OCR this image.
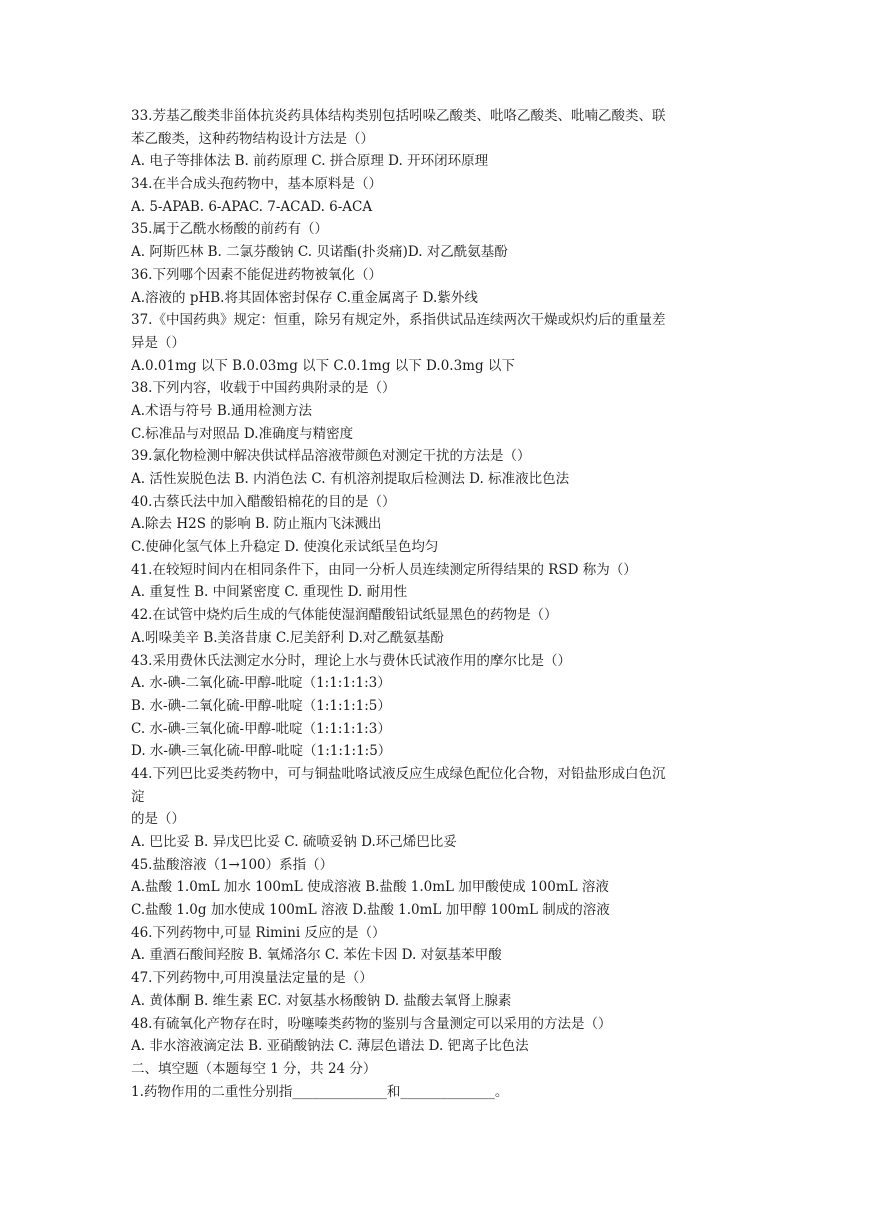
33.芳基乙酸类非甾体抗炎药具体结构类别包括吲哚乙酸类、吡咯乙酸类、吡喃乙酸类、联
苯乙酸类，这种药物结构设计方法是（）
A. 电子等排体法 B. 前药原理 C. 拼合原理 D. 开环闭环原理
34.在半合成头孢药物中，基本原料是（）
A. 5-APAB. 6-APAC. 7-ACAD. 6-ACA
35.属于乙酰水杨酸的前药有（）
A. 阿斯匹林 B. 二氯芬酸钠 C. 贝诺酯(扑炎痛)D. 对乙酰氨基酚
36.下列哪个因素不能促进药物被氧化（）
A.溶液的 pHB.将其固体密封保存 C.重金属离子 D.紫外线
37.《中国药典》规定：恒重，除另有规定外，系指供试品连续两次干燥或炽灼后的重量差
异是（）
A.0.01mg 以下 B.0.03mg 以下 C.0.1mg 以下 D.0.3mg 以下
38.下列内容，收载于中国药典附录的是（）
A.术语与符号 B.通用检测方法
C.标准品与对照品 D.准确度与精密度
39.氯化物检测中解决供试样品溶液带颜色对测定干扰的方法是（）
A. 活性炭脱色法 B. 内消色法 C. 有机溶剂提取后检测法 D. 标准液比色法
40.古蔡氏法中加入醋酸铅棉花的目的是（）
A.除去 H2S 的影响 B. 防止瓶内飞沫溅出
C.使砷化氢气体上升稳定 D. 使溴化汞试纸呈色均匀
41.在较短时间内在相同条件下，由同一分析人员连续测定所得结果的 RSD 称为（）
A. 重复性 B. 中间紧密度 C. 重现性 D. 耐用性
42.在试管中烧灼后生成的气体能使湿润醋酸铅试纸显黑色的药物是（）
A.吲哚美辛 B.美洛昔康 C.尼美舒利 D.对乙酰氨基酚
43.采用费休氏法测定水分时，理论上水与费休氏试液作用的摩尔比是（）
A. 水-碘-二氧化硫-甲醇-吡啶（1:1:1:1:3）
B. 水-碘-二氧化硫-甲醇-吡啶（1:1:1:1:5）
C. 水-碘-三氧化硫-甲醇-吡啶（1:1:1:1:3）
D. 水-碘-三氧化硫-甲醇-吡啶（1:1:1:1:5）
44.下列巴比妥类药物中，可与铜盐吡咯试液反应生成绿色配位化合物，对铅盐形成白色沉
淀
的是（）
A. 巴比妥 B. 异戊巴比妥 C. 硫喷妥钠 D.环己烯巴比妥
45.盐酸溶液（1→100）系指（）
A.盐酸 1.0mL 加水 100mL 使成溶液 B.盐酸 1.0mL 加甲酸使成 100mL 溶液
C.盐酸 1.0g 加水使成 100mL 溶液 D.盐酸 1.0mL 加甲醇 100mL 制成的溶液
46.下列药物中,可显 Rimini 反应的是（）
A. 重酒石酸间羟胺 B. 氧烯洛尔 C. 苯佐卡因 D. 对氨基苯甲酸
47.下列药物中,可用溴量法定量的是（）
A. 黄体酮 B. 维生素 EC. 对氨基水杨酸钠 D. 盐酸去氧肾上腺素
48.有硫氧化产物存在时，吩噻嗪类药物的鉴别与含量测定可以采用的方法是（）
A. 非水溶液滴定法 B. 亚硝酸钠法 C. 薄层色谱法 D. 钯离子比色法
二、填空题（本题每空 1 分，共 24 分）
1.药物作用的二重性分别指______________和______________。
